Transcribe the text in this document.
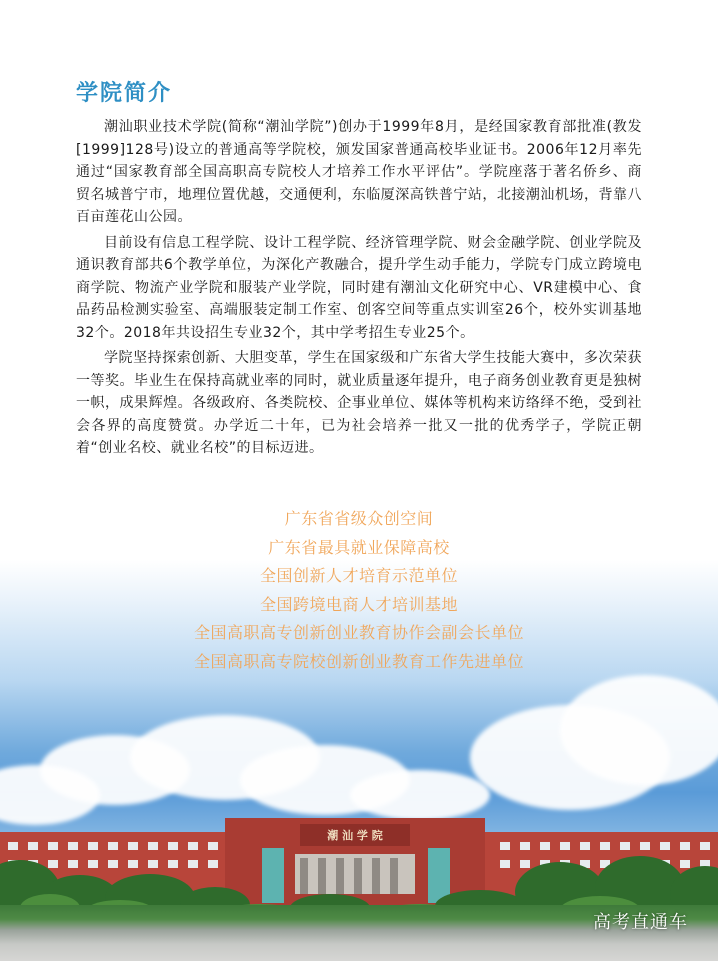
潮 汕 学 院
学院简介

潮汕职业技术学院(简称“潮汕学院”)创办于1999年8月，是经国家教育部批准(教发[1999]128号)设立的普通高等学院校，颁发国家普通高校毕业证书。2006年12月率先通过“国家教育部全国高职高专院校人才培养工作水平评估”。学院座落于著名侨乡、商贸名城普宁市，地理位置优越，交通便利，东临厦深高铁普宁站，北接潮汕机场，背靠八百亩莲花山公园。

目前设有信息工程学院、设计工程学院、经济管理学院、财会金融学院、创业学院及通识教育部共6个教学单位，为深化产教融合，提升学生动手能力，学院专门成立跨境电商学院、物流产业学院和服装产业学院，同时建有潮汕文化研究中心、VR建模中心、食品药品检测实验室、高端服装定制工作室、创客空间等重点实训室26个，校外实训基地32个。2018年共设招生专业32个，其中学考招生专业25个。

学院坚持探索创新、大胆变革，学生在国家级和广东省大学生技能大赛中，多次荣获一等奖。毕业生在保持高就业率的同时，就业质量逐年提升，电子商务创业教育更是独树一帜，成果辉煌。各级政府、各类院校、企事业单位、媒体等机构来访络绎不绝，受到社会各界的高度赞赏。办学近二十年，已为社会培养一批又一批的优秀学子，学院正朝着“创业名校、就业名校”的目标迈进。

广东省省级众创空间
广东省最具就业保障高校
全国创新人才培育示范单位
全国跨境电商人才培训基地
全国高职高专创新创业教育协作会副会长单位
全国高职高专院校创新创业教育工作先进单位
高考直通车
